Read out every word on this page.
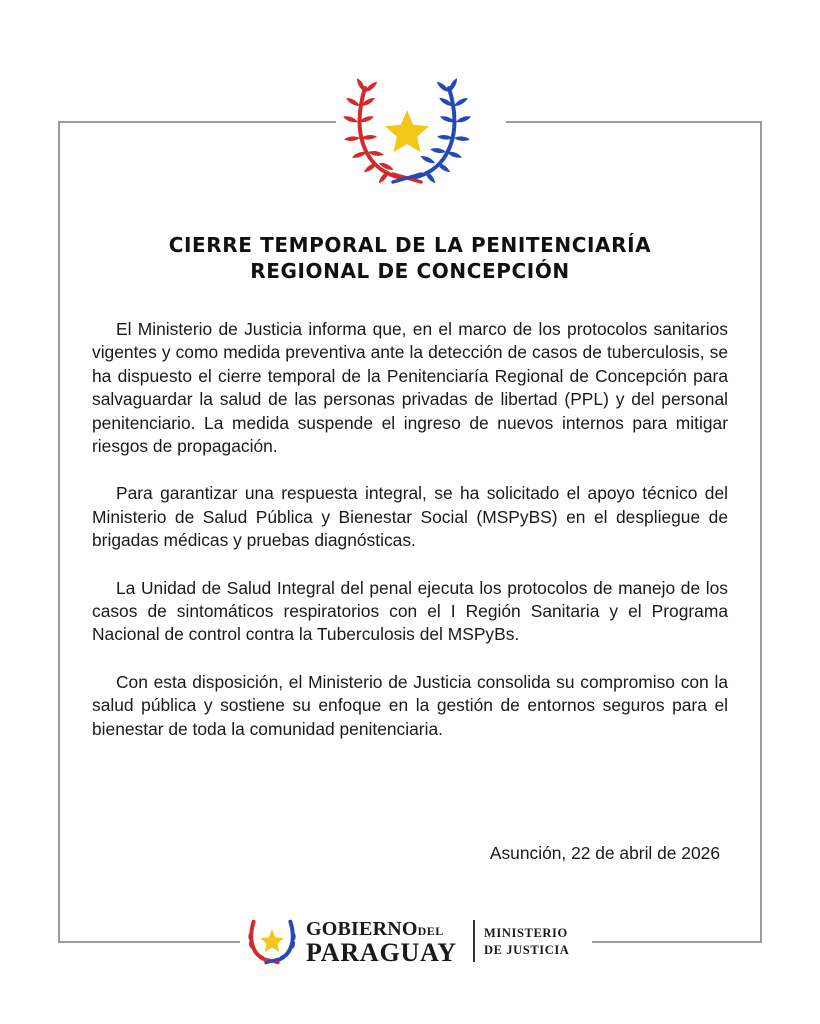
CIERRE TEMPORAL DE LA PENITENCIARÍA
REGIONAL DE CONCEPCIÓN

El Ministerio de Justicia informa que, en el marco de los protocolos sanitarios vigentes y como medida preventiva ante la detección de casos de tuberculosis, se ha dispuesto el cierre temporal de la Penitenciaría Regional de Concepción para salvaguardar la salud de las personas privadas de libertad (PPL) y del personal penitenciario. La medida suspende el ingreso de nuevos internos para mitigar riesgos de propagación.

Para garantizar una respuesta integral, se ha solicitado el apoyo técnico del Ministerio de Salud Pública y Bienestar Social (MSPyBS) en el despliegue de brigadas médicas y pruebas diagnósticas.

La Unidad de Salud Integral del penal ejecuta los protocolos de manejo de los casos de sintomáticos respiratorios con el I Región Sanitaria y el Programa Nacional de control contra la Tuberculosis del MSPyBs.

Con esta disposición, el Ministerio de Justicia consolida su compromiso con la salud pública y sostiene su enfoque en la gestión de entornos seguros para el bienestar de toda la comunidad penitenciaria.

Asunción, 22 de abril de 2026
GOBIERNODEL
PARAGUAY
MINISTERIO
DE JUSTICIA
